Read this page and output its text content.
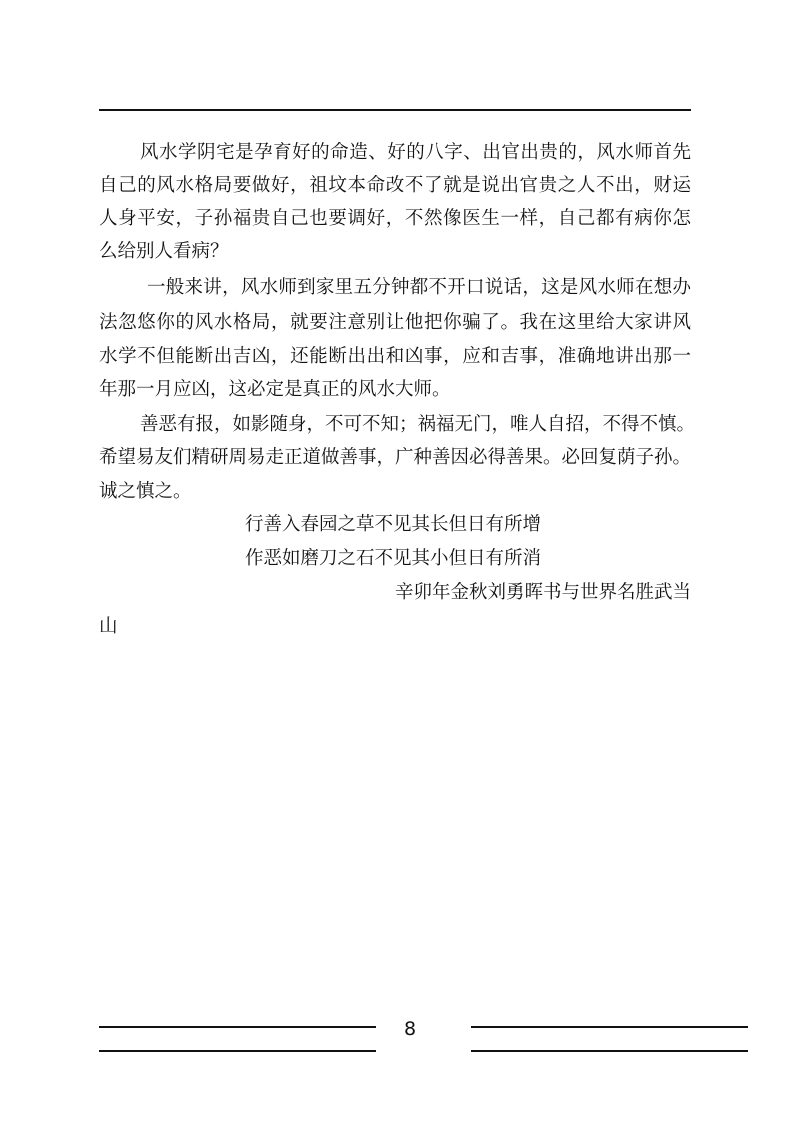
风水学阴宅是孕育好的命造、好的八字、出官出贵的，风水师首先
自己的风水格局要做好，祖坟本命改不了就是说出官贵之人不出，财运
人身平安，子孙福贵自己也要调好，不然像医生一样，自己都有病你怎
么给别人看病？
一般来讲，风水师到家里五分钟都不开口说话，这是风水师在想办
法忽悠你的风水格局，就要注意别让他把你骗了。我在这里给大家讲风
水学不但能断出吉凶，还能断出出和凶事，应和吉事，准确地讲出那一
年那一月应凶，这必定是真正的风水大师。
善恶有报，如影随身，不可不知；祸福无门，唯人自招，不得不慎。
希望易友们精研周易走正道做善事，广种善因必得善果。必回复荫子孙。
诚之慎之。
行善入春园之草不见其长但日有所增
作恶如磨刀之石不见其小但日有所消
辛卯年金秋刘勇晖书与世界名胜武当
山
8
